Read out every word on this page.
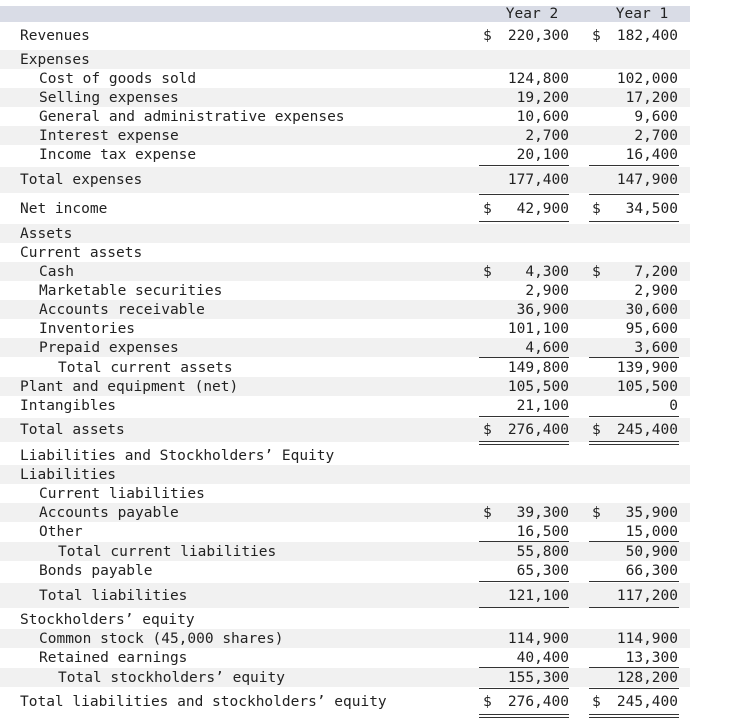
Year 2	Year 1
Revenues	$ 220,300 $ 182,400
Expenses
Cost of goods sold	124,800	102,000
Selling expenses	19,200	17,200
General and administrative expenses	10,600	9,600
Interest expense	2,700	2,700
Income tax expense	20,100	16,400
Total expenses	177,400	147,900
Net income	$ 42,900 $ 34,500
Assets
Current assets
Cash	$ 4,300 $ 7,200
Marketable securities	2,900	2,900
Accounts receivable	36,900	30,600
Inventories	101,100	95,600
Prepaid expenses	4,600	3,600
Total current assets	149,800	139,900
Plant and equipment (net)	105,500	105,500
Intangibles	21,100	0
Total assets	$ 276,400 $ 245,400
Liabilities and Stockholders’ Equity
Liabilities
Current liabilities
Accounts payable	$ 39,300 $ 35,900
Other	16,500	15,000
Total current liabilities	55,800	50,900
Bonds payable	65,300	66,300
Total liabilities	121,100	117,200
Stockholders’ equity
Common stock (45,000 shares)	114,900	114,900
Retained earnings	40,400	13,300
Total stockholders’ equity	155,300	128,200
Total liabilities and stockholders’ equity	$ 276,400 $ 245,400
